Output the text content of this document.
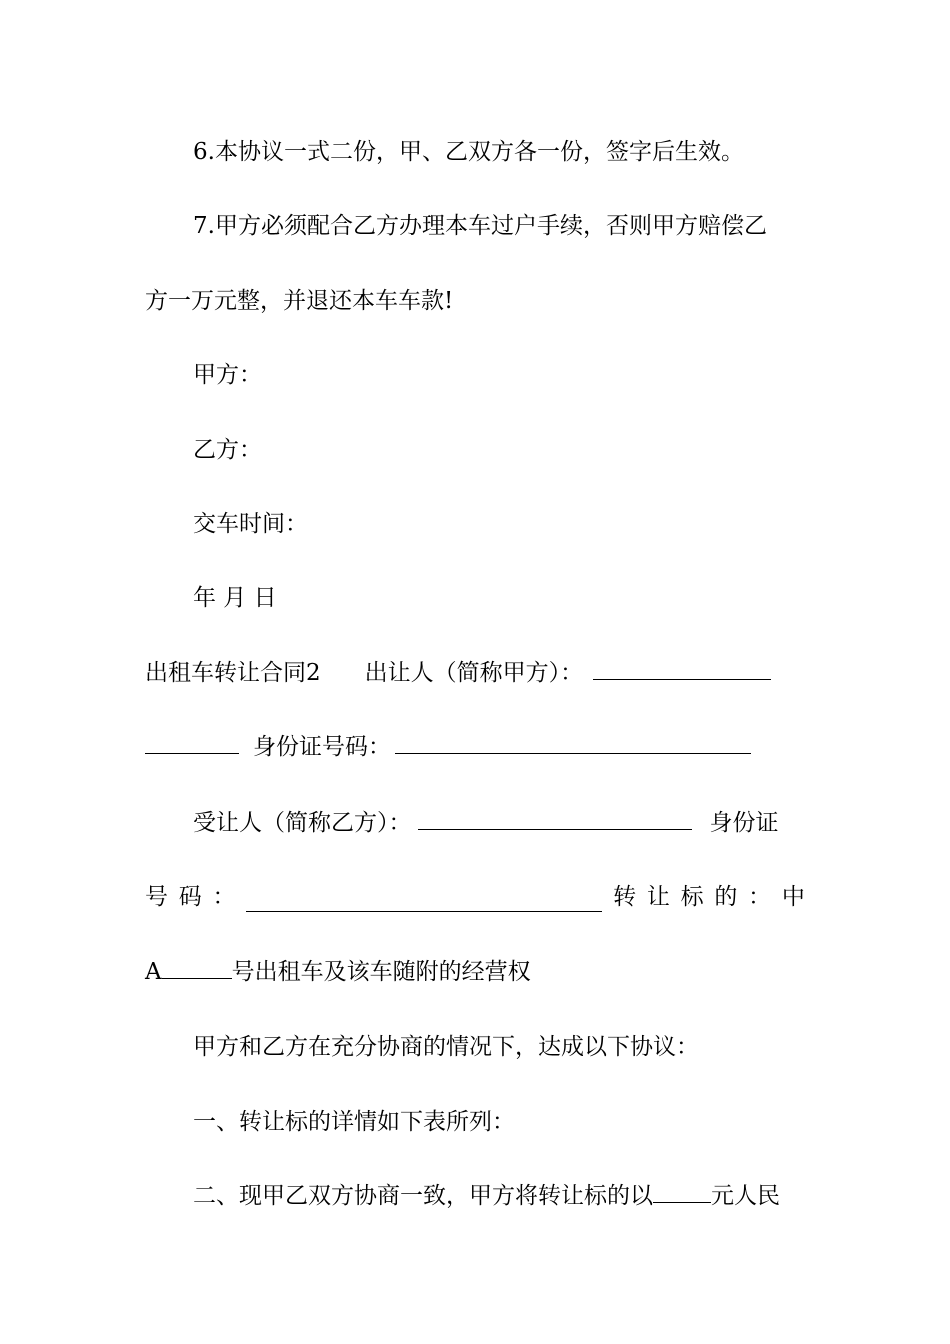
6.本协议一式二份，甲、乙双方各一份，签字后生效。
7.甲方必须配合乙方办理本车过户手续，否则甲方赔偿乙
方一万元整，并退还本车车款!
甲方：
乙方：
交车时间：
年 月 日
出租车转让合同2 出让人（简称甲方）：
身份证号码：
受让人（简称乙方）：	身份证
号 码 ：	转 让 标 的 ： 中
A	号出租车及该车随附的经营权
甲方和乙方在充分协商的情况下，达成以下协议：
一、转让标的详情如下表所列：
二、现甲乙双方协商一致，甲方将转让标的以	元人民
